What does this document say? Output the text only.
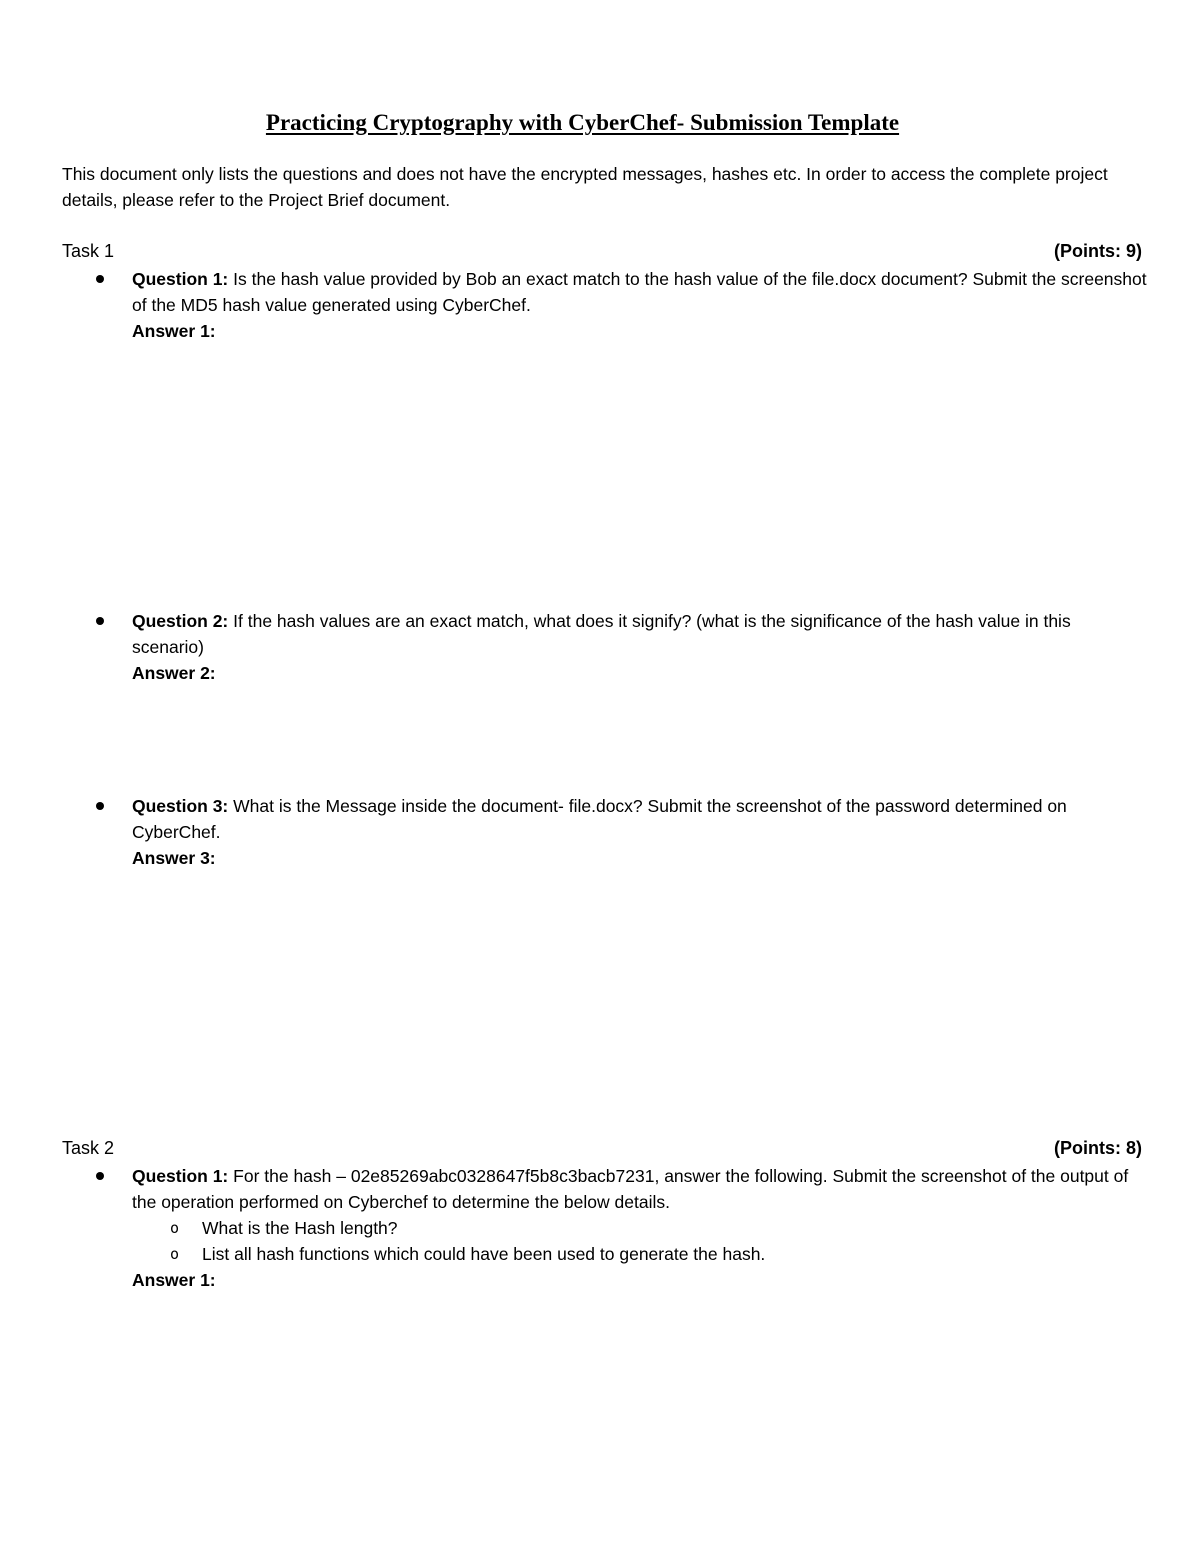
Practicing Cryptography with CyberChef- Submission Template
This document only lists the questions and does not have the encrypted messages, hashes etc. In order to access the complete project details, please refer to the Project Brief document.
Task 1	(Points: 9)
Question 1: Is the hash value provided by Bob an exact match to the hash value of the file.docx document? Submit the screenshot of the MD5 hash value generated using CyberChef.
Answer 1:
Question 2: If the hash values are an exact match, what does it signify? (what is the significance of the hash value in this scenario)
Answer 2:
Question 3: What is the Message inside the document- file.docx? Submit the screenshot of the password determined on CyberChef.
Answer 3:
Task 2	(Points: 8)
Question 1: For the hash – 02e85269abc0328647f5b8c3bacb7231, answer the following. Submit the screenshot of the output of the operation performed on Cyberchef to determine the below details.
o What is the Hash length?
o List all hash functions which could have been used to generate the hash.
Answer 1:
